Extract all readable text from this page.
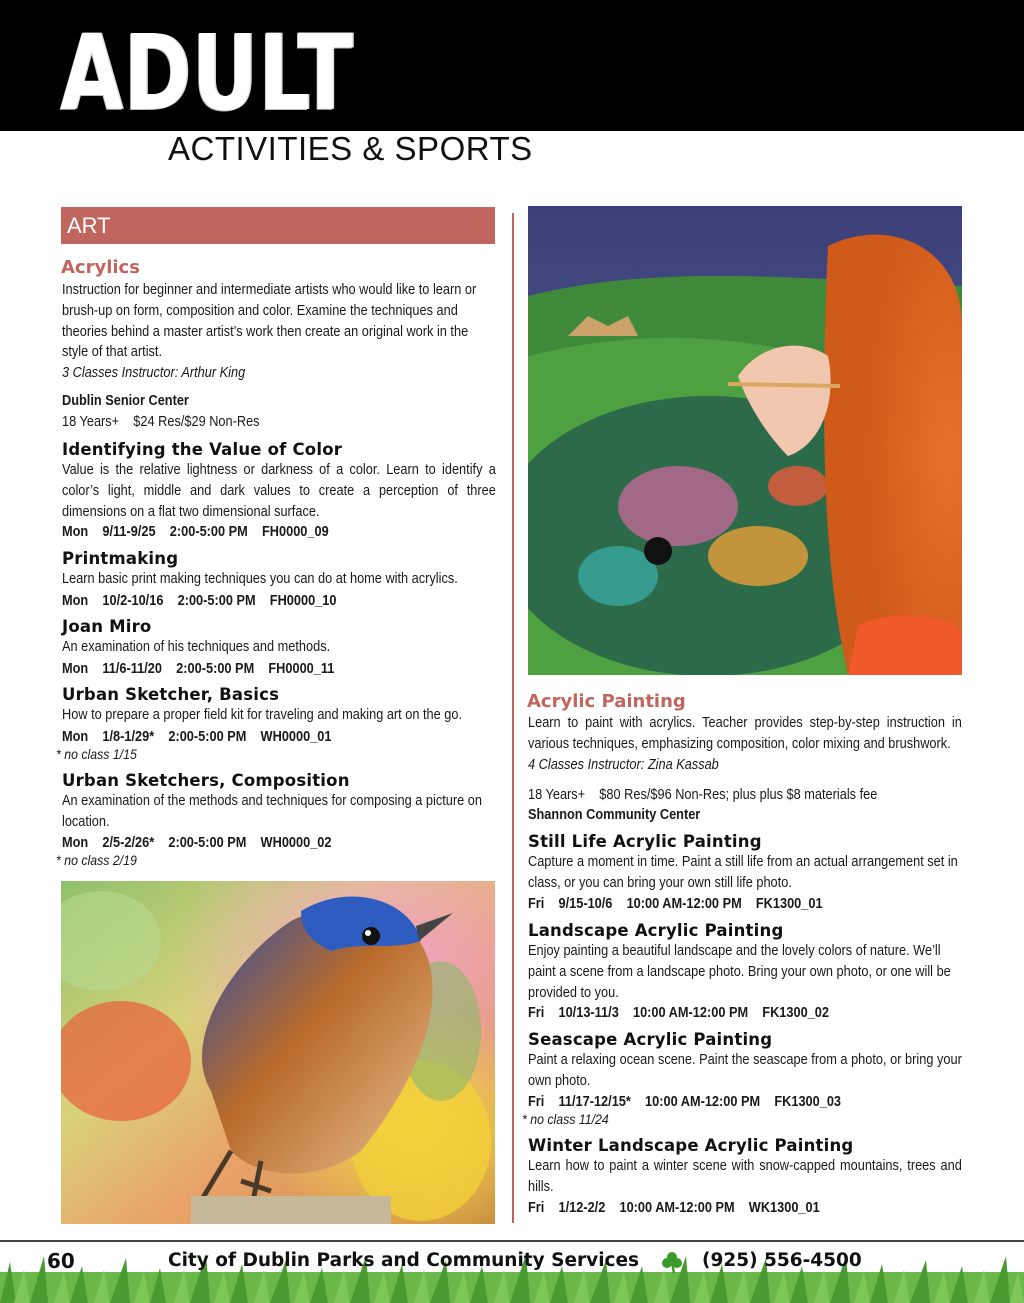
ADULT
ACTIVITIES & SPORTS
ART
Acrylics
Instruction for beginner and intermediate artists who would like to learn or brush-up on form, composition and color. Examine the techniques and theories behind a master artist’s work then create an original work in the style of that artist.
3 Classes Instructor: Arthur King
Dublin Senior Center
18 Years+    $24 Res/$29 Non-Res
Identifying the Value of Color
Value is the relative lightness or darkness of a color. Learn to identify a color’s light, middle and dark values to create a perception of three dimensions on a flat two dimensional surface.
Mon    9/11-9/25    2:00-5:00 PM    FH0000_09
Printmaking
Learn basic print making techniques you can do at home with acrylics.
Mon    10/2-10/16    2:00-5:00 PM    FH0000_10
Joan Miro
An examination of his techniques and methods.
Mon    11/6-11/20    2:00-5:00 PM    FH0000_11
Urban Sketcher, Basics
How to prepare a proper field kit for traveling and making art on the go.
Mon    1/8-1/29*    2:00-5:00 PM    WH0000_01
* no class 1/15
Urban Sketchers, Composition
An examination of the methods and techniques for composing a picture on location.
Mon    2/5-2/26*    2:00-5:00 PM    WH0000_02
* no class 2/19
Acrylic Painting
Learn to paint with acrylics. Teacher provides step-by-step instruction in various techniques, emphasizing composition, color mixing and brushwork.
4 Classes Instructor: Zina Kassab
18 Years+    $80 Res/$96 Non-Res; plus plus $8 materials fee
Shannon Community Center
Still Life Acrylic Painting
Capture a moment in time. Paint a still life from an actual arrangement set in class, or you can bring your own still life photo.
Fri    9/15-10/6    10:00 AM-12:00 PM    FK1300_01
Landscape Acrylic Painting
Enjoy painting a beautiful landscape and the lovely colors of nature. We’ll paint a scene from a landscape photo. Bring your own photo, or one will be provided to you.
Fri    10/13-11/3    10:00 AM-12:00 PM    FK1300_02
Seascape Acrylic Painting
Paint a relaxing ocean scene. Paint the seascape from a photo, or bring your own photo.
Fri    11/17-12/15*    10:00 AM-12:00 PM    FK1300_03
* no class 11/24
Winter Landscape Acrylic Painting
Learn how to paint a winter scene with snow-capped mountains, trees and hills.
Fri    1/12-2/2    10:00 AM-12:00 PM    WK1300_01
60	City of Dublin Parks and Community Services	(925) 556-4500
